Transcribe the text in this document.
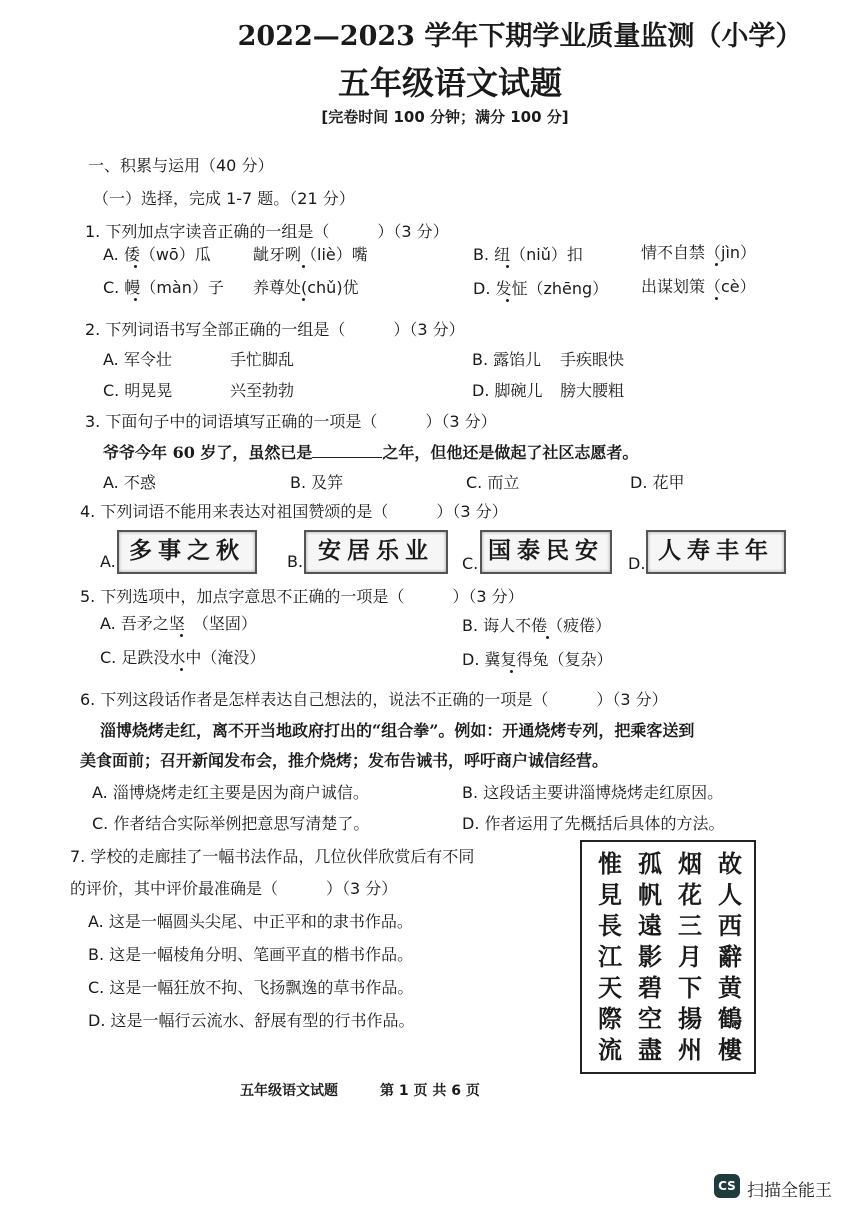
2022—2023 学年下期学业质量监测（小学）
五年级语文试题
[完卷时间 100 分钟；满分 100 分]
一、积累与运用（40 分）
（一）选择，完成 1-7 题。（21 分）
1. 下列加点字读音正确的一组是（　　　）（3 分）
A. 倭（wō）瓜	龇牙咧（liè）嘴	B. 纽（niǔ）扣	情不自禁（jìn）
C. 幔（màn）子 养尊处(chǔ)优	D. 发怔（zhēng） 出谋划策（cè）
2. 下列词语书写全部正确的一组是（　　　）（3 分）
A. 军令壮	手忙脚乱	B. 露馅儿 手疾眼快
C. 明晃晃	兴至勃勃	D. 脚碗儿 膀大腰粗
3. 下面句子中的词语填写正确的一项是（　　　）（3 分）
爷爷今年 60 岁了，虽然已是	之年，但他还是做起了社区志愿者。
A. 不惑	B. 及笄	C. 而立	D. 花甲
4. 下列词语不能用来表达对祖国赞颂的是（　　　）（3 分）
A. 多事之秋	B. 安居乐业	C. 国泰民安	D. 人寿丰年
5. 下列选项中，加点字意思不正确的一项是（　　　）（3 分）
A. 吾矛之坚　（坚固）	B. 诲人不倦（疲倦）
C. 足跌没水中（淹没）	D. 冀复得兔（复杂）
6. 下列这段话作者是怎样表达自己想法的，说法不正确的一项是（　　　）（3 分）
淄博烧烤走红，离不开当地政府打出的“组合拳”。例如：开通烧烤专列，把乘客送到
美食面前；召开新闻发布会，推介烧烤；发布告诫书，呼吁商户诚信经营。
A. 淄博烧烤走红主要是因为商户诚信。	B. 这段话主要讲淄博烧烤走红原因。
C. 作者结合实际举例把意思写清楚了。	D. 作者运用了先概括后具体的方法。
7. 学校的走廊挂了一幅书法作品，几位伙伴欣赏后有不同
的评价，其中评价最准确是（　　　）（3 分）
A. 这是一幅圆头尖尾、中正平和的隶书作品。
B. 这是一幅棱角分明、笔画平直的楷书作品。
C. 这是一幅狂放不拘、飞扬飘逸的草书作品。
D. 这是一幅行云流水、舒展有型的行书作品。
惟 孤 烟 故
見 帆 花 人
長 遠 三 西
江 影 月 辭
天 碧 下 黄
際 空 揚 鶴
流 盡 州 樓
五年级语文试题　　　第 1 页 共 6 页
CS 扫描全能王
